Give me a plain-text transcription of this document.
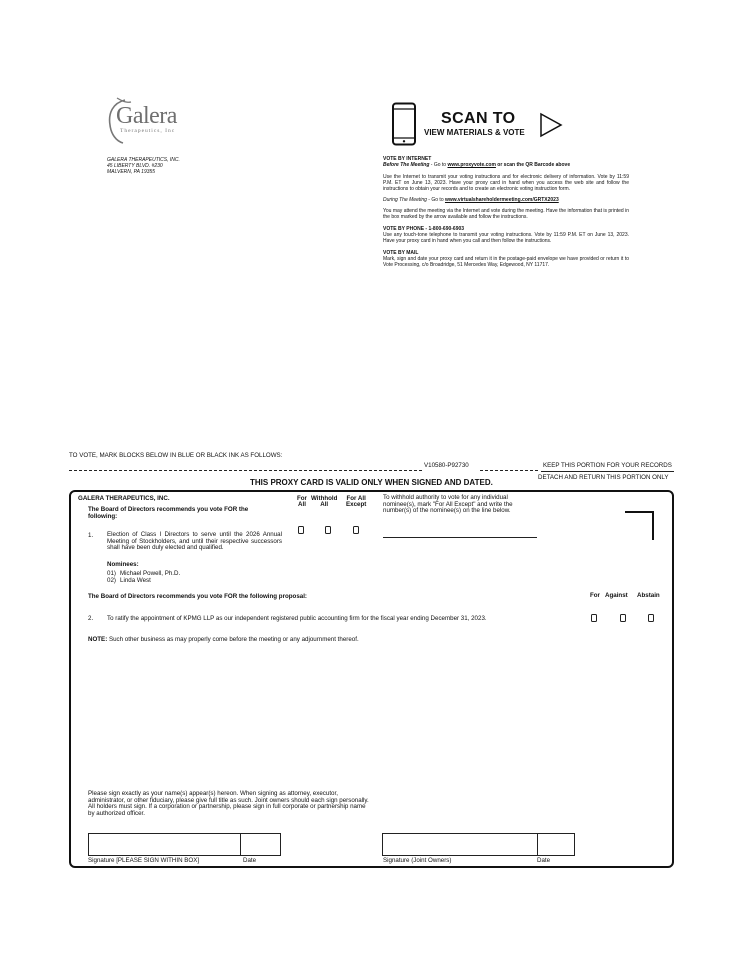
Galera
Therapeutics, Inc
GALERA THERAPEUTICS, INC.
45 LIBERTY BLVD. #230
MALVERN, PA 19355
SCAN TO
VIEW MATERIALS & VOTE
VOTE BY INTERNET
Before The Meeting - Go to www.proxyvote.com or scan the QR Barcode above
Use the Internet to transmit your voting instructions and for electronic delivery of information. Vote by 11:59 P.M. ET on June 13, 2023. Have your proxy card in hand when you access the web site and follow the instructions to obtain your records and to create an electronic voting instruction form.
During The Meeting - Go to www.virtualshareholdermeeting.com/GRTX2023
You may attend the meeting via the Internet and vote during the meeting. Have the information that is printed in the box marked by the arrow available and follow the instructions.
VOTE BY PHONE - 1-800-690-6903
Use any touch-tone telephone to transmit your voting instructions. Vote by 11:59 P.M. ET on June 13, 2023. Have your proxy card in hand when you call and then follow the instructions.
VOTE BY MAIL
Mark, sign and date your proxy card and return it in the postage-paid envelope we have provided or return it to Vote Processing, c/o Broadridge, 51 Mercedes Way, Edgewood, NY 11717.
TO VOTE, MARK BLOCKS BELOW IN BLUE OR BLACK INK AS FOLLOWS:
V10580-P92730	KEEP THIS PORTION FOR YOUR RECORDS
DETACH AND RETURN THIS PORTION ONLY
THIS PROXY CARD IS VALID ONLY WHEN SIGNED AND DATED.
GALERA THERAPEUTICS, INC.
The Board of Directors recommends you vote FOR the following:
For
All
Withhold
All
For All
Except
To withhold authority to vote for any individual nominee(s), mark "For All Except" and write the number(s) of the nominee(s) on the line below.
1. Election of Class I Directors to serve until the 2026 Annual Meeting of Stockholders, and until their respective successors shall have been duly elected and qualified.
Nominees:
01) Michael Powell, Ph.D.
02) Linda West
The Board of Directors recommends you vote FOR the following proposal:	For Against Abstain
2. To ratify the appointment of KPMG LLP as our independent registered public accounting firm for the fiscal year ending December 31, 2023.
NOTE: Such other business as may properly come before the meeting or any adjournment thereof.
Please sign exactly as your name(s) appear(s) hereon. When signing as attorney, executor, administrator, or other fiduciary, please give full title as such. Joint owners should each sign personally. All holders must sign. If a corporation or partnership, please sign in full corporate or partnership name by authorized officer.
Signature [PLEASE SIGN WITHIN BOX]	Date	Signature (Joint Owners)	Date
